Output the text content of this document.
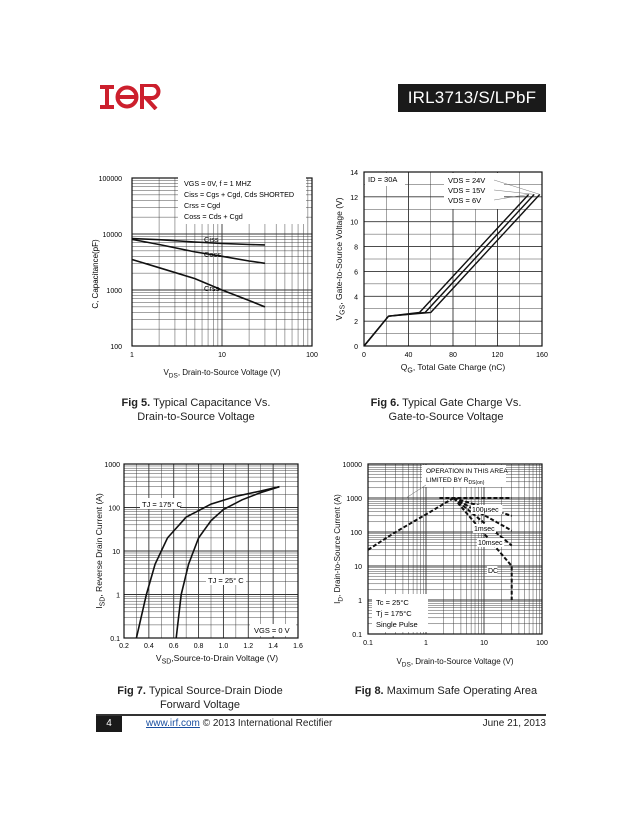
IRL3713/S/LPbF
100
1000
10000
100000
1	10	100
$V_{DS}$, Drain-to-Source Voltage (V)
C, Capacitance(pF)
VGS = 0V, f = 1 MHZ
Ciss = Cgs + Cgd, Cds SHORTED
Crss = Cgd
Coss = Cds + Cgd
Ciss
Coss
Crss
Fig 5. Typical Capacitance Vs.
Drain-to-Source Voltage
0
2
4
6
8
10
12
14
0	40	80	120	160
$Q_G$, Total Gate Charge (nC)
$V_{GS}$, Gate-to-Source Voltage (V)
ID = 30A	VDS = 24V
VDS = 15V
VDS = 6V
Fig 6. Typical Gate Charge Vs.
Gate-to-Source Voltage
0.1
1
10
100
1000
0.2 0.4 0.6 0.8 1.0 1.2 1.4 1.6
$V_{SD},Source-to$-Drain Voltage (V)
$I_{SD}$, Reverse Drain Current (A)	TJ = 175° C
TJ = 25° C
VGS = 0 V
Fig 7. Typical Source-Drain Diode
Forward Voltage
0.1
1
10
100
1000
10000
0.1	1	10	100
$V_{DS}$, Drain-to-Source Voltage (V)
$I_D$, Drain-to-Source Current (A)
OPERATION IN THIS AREA
LIMITED BY $R_{DS(on)}$
Tc = 25°C
Tj = 175°C
Single Pulse
100µsec
1msec
10msec
DC
Fig 8. Maximum Safe Operating Area
4	www.irf.com © 2013 International Rectifier	June 21, 2013
